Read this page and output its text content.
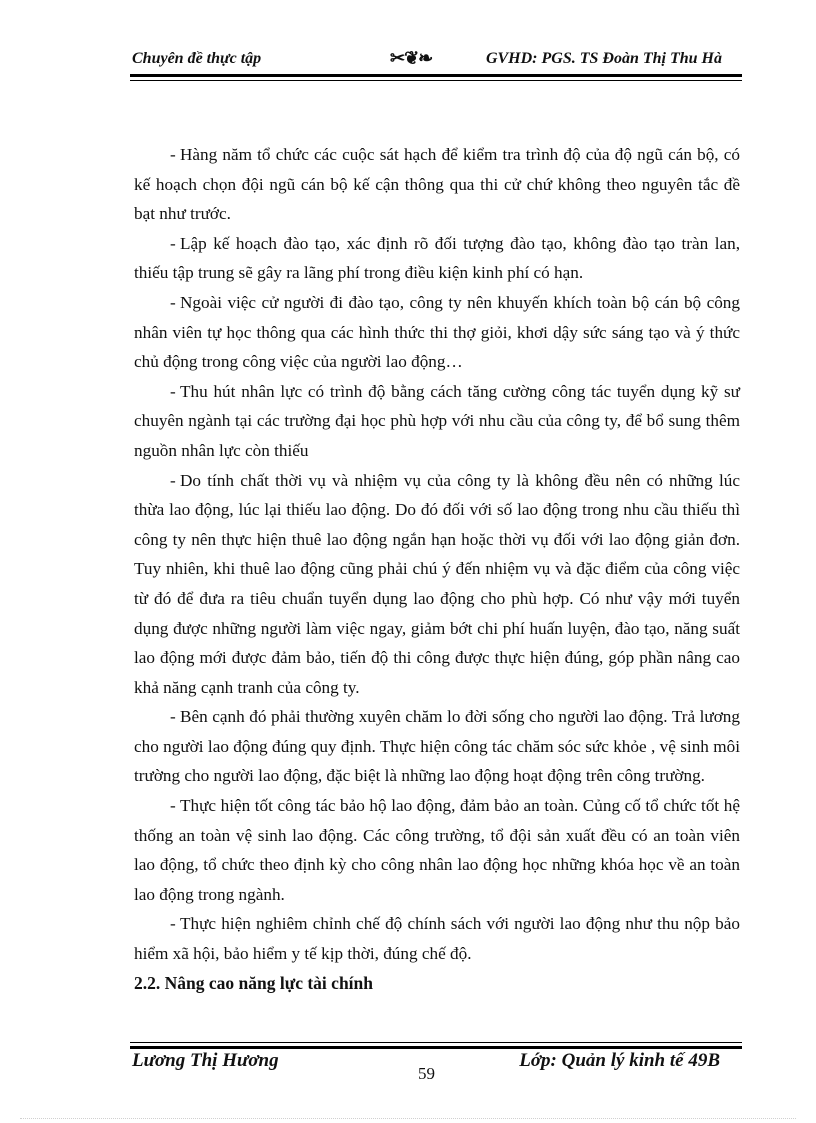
Chuyên đề thực tập	✂❦❧	GVHD: PGS. TS Đoàn Thị Thu Hà

- Hàng năm tổ chức các cuộc sát hạch để kiểm tra trình độ của độ ngũ cán bộ, có kế hoạch chọn đội ngũ cán bộ kế cận thông qua thi cử chứ không theo nguyên tắc đề bạt như trước.

- Lập kế hoạch đào tạo, xác định rõ đối tượng đào tạo, không đào tạo tràn lan, thiếu tập trung sẽ gây ra lãng phí trong điều kiện kinh phí có hạn.

- Ngoài việc cử người đi đào tạo, công ty nên khuyến khích toàn bộ cán bộ công nhân viên tự học thông qua các hình thức thi thợ giỏi, khơi dậy sức sáng tạo và ý thức chủ động trong công việc của người lao động…

- Thu hút nhân lực có trình độ bằng cách tăng cường công tác tuyển dụng kỹ sư chuyên ngành tại các trường đại học phù hợp với nhu cầu của công ty, để bổ sung thêm nguồn nhân lực còn thiếu

- Do tính chất thời vụ và nhiệm vụ của công ty là không đều nên có những lúc thừa lao động, lúc lại thiếu lao động. Do đó đối với số lao động trong nhu cầu thiếu thì công ty nên thực hiện thuê lao động ngắn hạn hoặc thời vụ đối với lao động giản đơn. Tuy nhiên, khi thuê lao động cũng phải chú ý đến nhiệm vụ và đặc điểm của công việc từ đó để đưa ra tiêu chuẩn tuyển dụng lao động cho phù hợp. Có như vậy mới tuyển dụng được những người làm việc ngay, giảm bớt chi phí huấn luyện, đào tạo, năng suất lao động mới được đảm bảo, tiến độ thi công được thực hiện đúng, góp phần nâng cao khả năng cạnh tranh của công ty.

- Bên cạnh đó phải thường xuyên chăm lo đời sống cho người lao động. Trả lương cho người lao động đúng quy định. Thực hiện công tác chăm sóc sức khỏe , vệ sinh môi trường cho người lao động, đặc biệt là những lao động hoạt động trên công trường.

- Thực hiện tốt công tác bảo hộ lao động, đảm bảo an toàn. Củng cố tổ chức tốt hệ thống an toàn vệ sinh lao động. Các công trường, tổ đội sản xuất đều có an toàn viên lao động, tổ chức theo định kỳ cho công nhân lao động học những khóa học về an toàn lao động trong ngành.

- Thực hiện nghiêm chỉnh chế độ chính sách với người lao động như thu nộp bảo hiểm xã hội, bảo hiểm y tế kịp thời, đúng chế độ.

2.2. Nâng cao năng lực tài chính
Lương Thị Hương
59
Lớp: Quản lý kinh tế 49B
